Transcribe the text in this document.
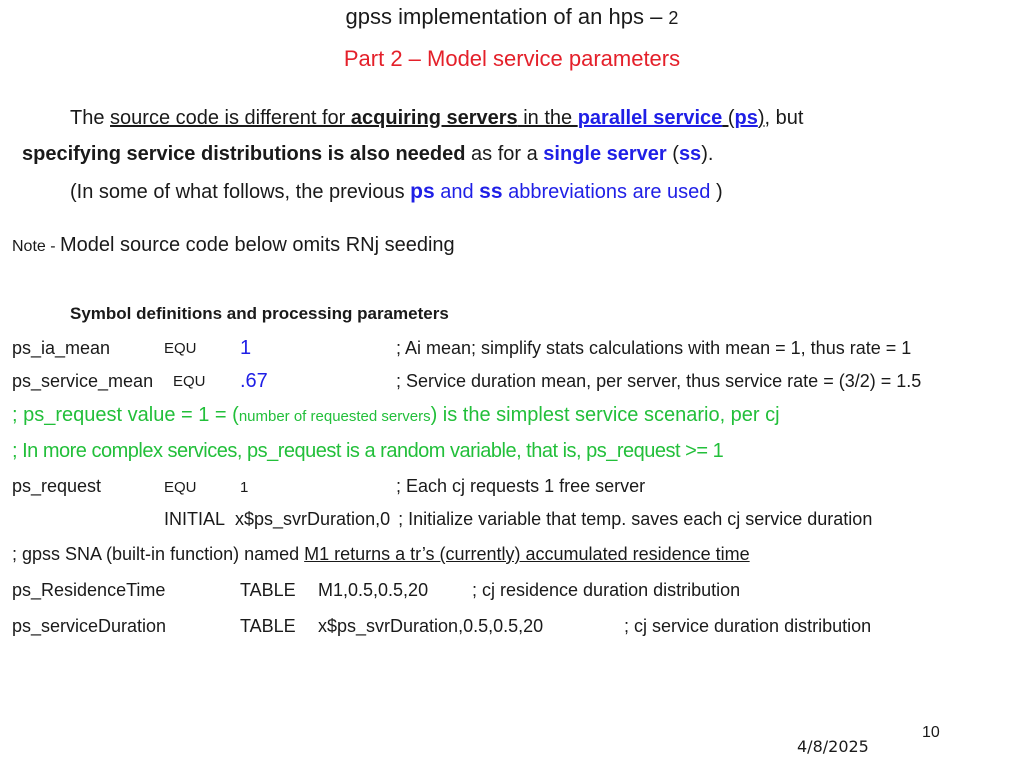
gpss implementation of an hps – 2
Part 2 – Model service parameters
The source code is different for acquiring servers in the parallel service (ps), but
specifying service distributions is also needed as for a single server (ss).
(In some of what follows, the previous ps and ss abbreviations are used )
Note - Model source code below omits RNj seeding
Symbol definitions and processing parameters
ps_ia_mean	EQU 1	; Ai mean; simplify stats calculations with mean = 1, thus rate = 1
ps_service_mean EQU .67	; Service duration mean, per server, thus service rate = (3/2) = 1.5
; ps_request value = 1 = (number of requested servers) is the simplest service scenario, per cj
; In more complex services, ps_request is a random variable, that is, ps_request >= 1
ps_request	EQU	1	; Each cj requests 1 free server
INITIAL x$ps_svrDuration,0 ; Initialize variable that temp. saves each cj service duration
; gpss SNA (built-in function) named M1 returns a tr’s (currently) accumulated residence time
ps_ResidenceTime	TABLE M1,0.5,0.5,20 ; cj residence duration distribution
ps_serviceDuration	TABLE x$ps_svrDuration,0.5,0.5,20	; cj service duration distribution
10
4/8/2025
